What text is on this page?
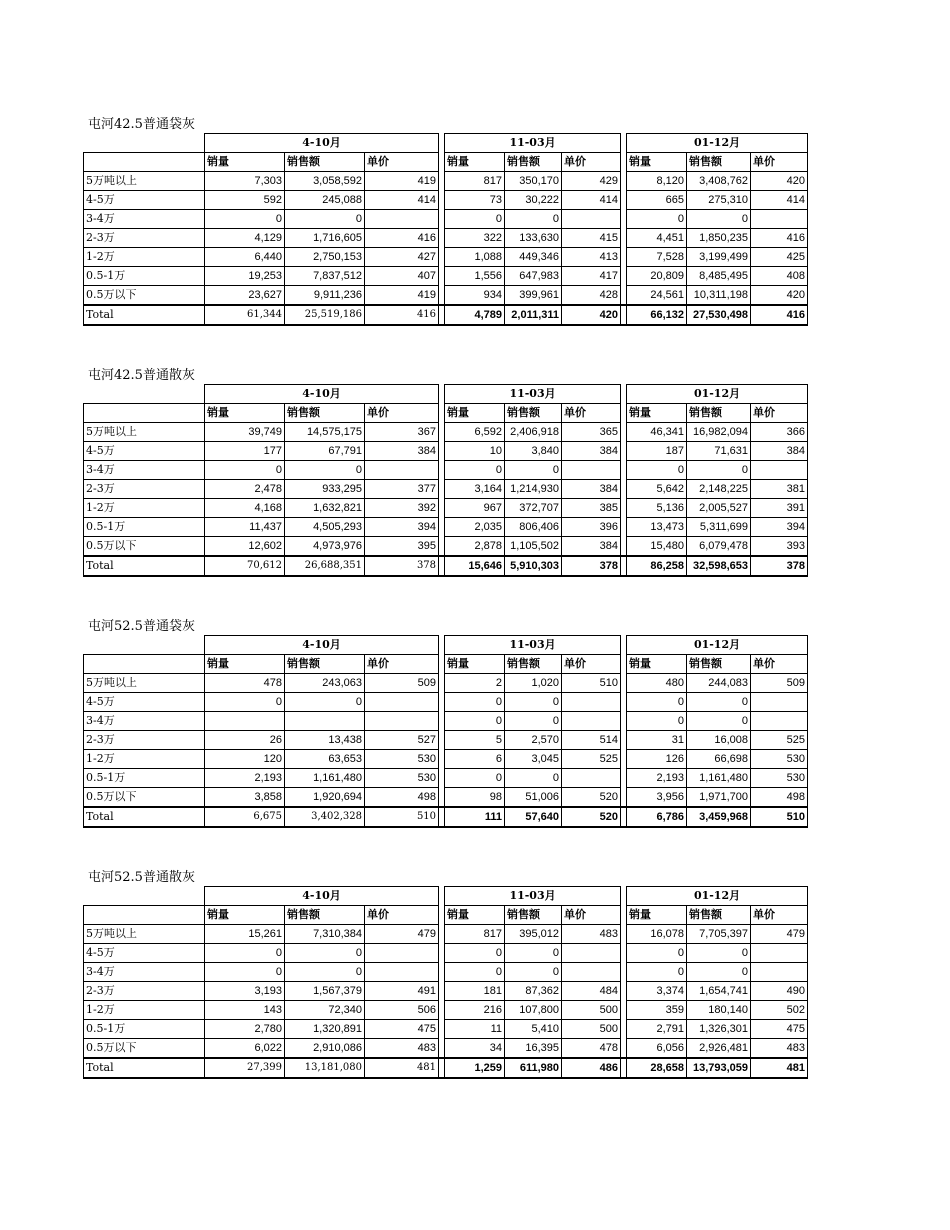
屯河42.5普通袋灰
	4-10月				11-03月				01-12月		
	销量	销售额	单价		销量	销售额	单价		销量	销售额	单价
5万吨以上	7,303	3,058,592	419		817	350,170	429		8,120	3,408,762	420
4-5万	592	245,088	414		73	30,222	414		665	275,310	414
3-4万	0	0			0	0			0	0	
2-3万	4,129	1,716,605	416		322	133,630	415		4,451	1,850,235	416
1-2万	6,440	2,750,153	427		1,088	449,346	413		7,528	3,199,499	425
0.5-1万	19,253	7,837,512	407		1,556	647,983	417		20,809	8,485,495	408
0.5万以下	23,627	9,911,236	419		934	399,961	428		24,561	10,311,198	420
Total	61,344	25,519,186	416		4,789	2,011,311	420		66,132	27,530,498	416
屯河42.5普通散灰
	4-10月				11-03月				01-12月		
	销量	销售额	单价		销量	销售额	单价		销量	销售额	单价
5万吨以上	39,749	14,575,175	367		6,592	2,406,918	365		46,341	16,982,094	366
4-5万	177	67,791	384		10	3,840	384		187	71,631	384
3-4万	0	0			0	0			0	0	
2-3万	2,478	933,295	377		3,164	1,214,930	384		5,642	2,148,225	381
1-2万	4,168	1,632,821	392		967	372,707	385		5,136	2,005,527	391
0.5-1万	11,437	4,505,293	394		2,035	806,406	396		13,473	5,311,699	394
0.5万以下	12,602	4,973,976	395		2,878	1,105,502	384		15,480	6,079,478	393
Total	70,612	26,688,351	378		15,646	5,910,303	378		86,258	32,598,653	378
屯河52.5普通袋灰
	4-10月				11-03月				01-12月		
	销量	销售额	单价		销量	销售额	单价		销量	销售额	单价
5万吨以上	478	243,063	509		2	1,020	510		480	244,083	509
4-5万	0	0			0	0			0	0	
3-4万					0	0			0	0	
2-3万	26	13,438	527		5	2,570	514		31	16,008	525
1-2万	120	63,653	530		6	3,045	525		126	66,698	530
0.5-1万	2,193	1,161,480	530		0	0			2,193	1,161,480	530
0.5万以下	3,858	1,920,694	498		98	51,006	520		3,956	1,971,700	498
Total	6,675	3,402,328	510		111	57,640	520		6,786	3,459,968	510
屯河52.5普通散灰
	4-10月				11-03月				01-12月		
	销量	销售额	单价		销量	销售额	单价		销量	销售额	单价
5万吨以上	15,261	7,310,384	479		817	395,012	483		16,078	7,705,397	479
4-5万	0	0			0	0			0	0	
3-4万	0	0			0	0			0	0	
2-3万	3,193	1,567,379	491		181	87,362	484		3,374	1,654,741	490
1-2万	143	72,340	506		216	107,800	500		359	180,140	502
0.5-1万	2,780	1,320,891	475		11	5,410	500		2,791	1,326,301	475
0.5万以下	6,022	2,910,086	483		34	16,395	478		6,056	2,926,481	483
Total	27,399	13,181,080	481		1,259	611,980	486		28,658	13,793,059	481
